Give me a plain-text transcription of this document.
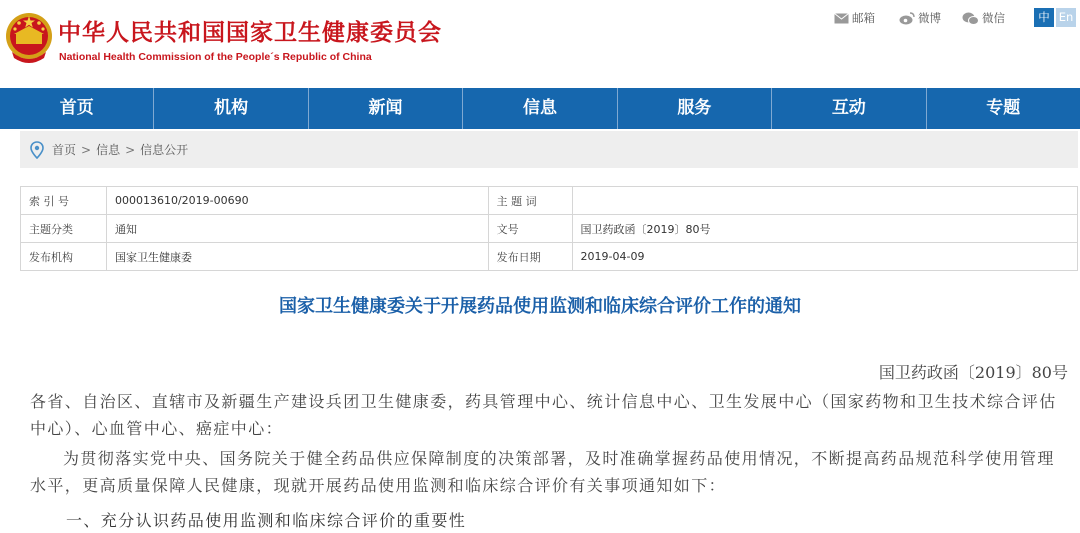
中华人民共和国国家卫生健康委员会
National Health Commission of the People´s Republic of China
邮箱	微博	微信	中 En
首页	机构	新闻	信息	服务	互动	专题
首页 > 信息 > 信息公开
索 引 号	000013610/2019-00690	主 题 词	
主题分类	通知	文号	国卫药政函〔2019〕80号
发布机构	国家卫生健康委	发布日期	2019-04-09
国家卫生健康委关于开展药品使用监测和临床综合评价工作的通知
国卫药政函〔2019〕80号
各省、自治区、直辖市及新疆生产建设兵团卫生健康委，药具管理中心、统计信息中心、卫生发展中心（国家药物和卫生技术综合评估中心）、心血管中心、癌症中心：
为贯彻落实党中央、国务院关于健全药品供应保障制度的决策部署，及时准确掌握药品使用情况，不断提高药品规范科学使用管理水平，更高质量保障人民健康，现就开展药品使用监测和临床综合评价有关事项通知如下：
一、充分认识药品使用监测和临床综合评价的重要性
